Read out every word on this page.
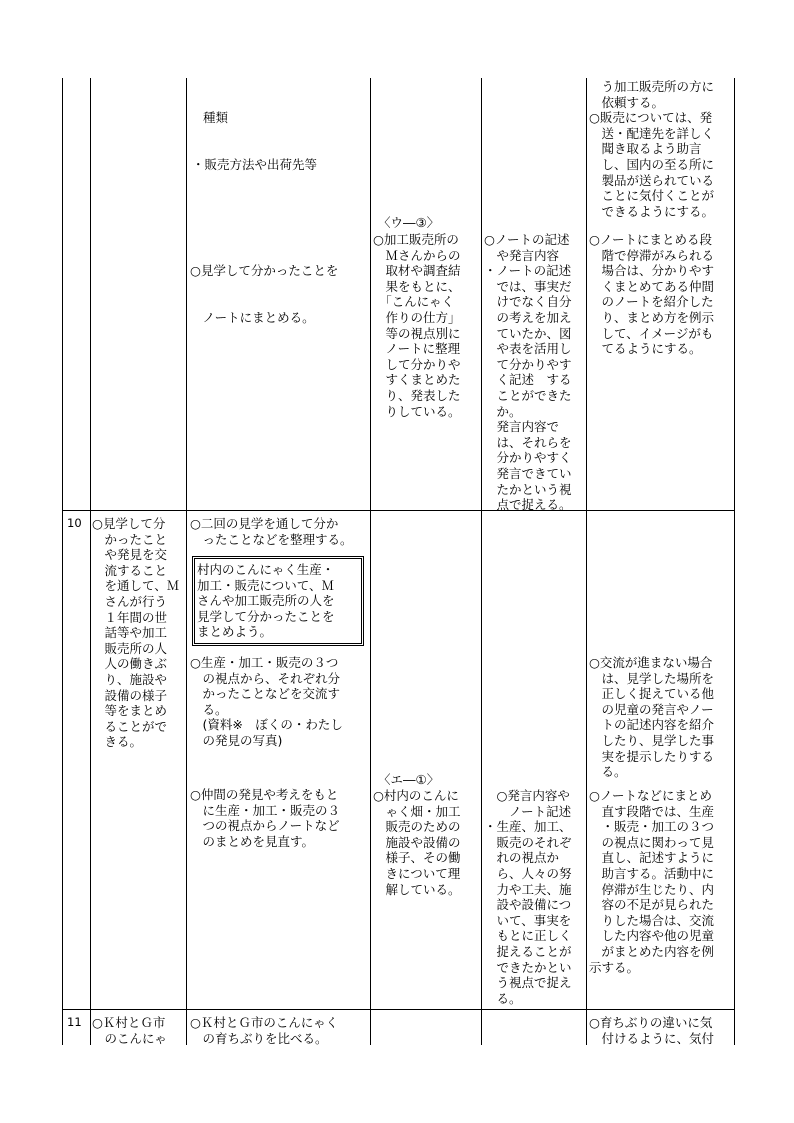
種類

・販売方法や出荷先等

○見学して分かったことを

　ノートにまとめる。

〈ウ―③〉
○加工販売所の
　Ｍさんからの
　取材や調査結
　果をもとに、
　「こんにゃく
　作りの仕方」
　等の視点別に
　ノートに整理
　して分かりや
　すくまとめた
　り、発表した
　りしている。
○ノートの記述
　や発言内容
・ノートの記述
　では、事実だ
　けでなく自分
　の考えを加え
　ていたか、図
　や表を活用し
　て分かりやす
　く記述　する
　ことができた
　か。
　発言内容で
　は、それらを
　分かりやすく
　発言できてい
　たかという視
　点で捉える。
　う加工販売所の方に
　依頼する。
○販売については、発
　送・配達先を詳しく
　聞き取るよう助言
　し、国内の至る所に
　製品が送られている
　ことに気付くことが
　できるようにする。
○ノートにまとめる段
　階で停滞がみられる
　場合は、分かりやす
　くまとめてある仲間
　のノートを紹介した
　り、まとめ方を例示
　して、イメージがも
　てるようにする。
10 ○見学して分
　かったこと
　や発見を交
　流すること
　を通して、Ｍ
　さんが行う
　１年間の世
　話等や加工
　販売所の人
　人の働きぶ
　り、施設や
　設備の様子
　等をまとめ
　ることがで
　きる。
○二回の見学を通して分か
　ったことなどを整理する。
村内のこんにゃく生産・
加工・販売について、Ｍ
さんや加工販売所の人を
見学して分かったことを
まとめよう。
○生産・加工・販売の３つ
　の視点から、それぞれ分
　かったことなどを交流す
　る。
　(資料※　ぼくの・わたし
　の発見の写真)
○仲間の発見や考えをもと
　に生産・加工・販売の３
　つの視点からノートなど
　のまとめを見直す。
〈エ―①〉
○村内のこんに
　ゃく畑・加工
　販売のための
　施設や設備の
　様子、その働
　きについて理
　解している。
　○発言内容や
　　ノート記述
・生産、加工、
　販売のそれぞ
　れの視点か
　ら、人々の努
　力や工夫、施
　設や設備につ
　いて、事実を
　もとに正しく
　捉えることが
　できたかとい
　う視点で捉え
　る。
○交流が進まない場合
　は、見学した場所を
　正しく捉えている他
　の児童の発言やノー
　トの記述内容を紹介
　したり、見学した事
　実を提示したりする
　る。
○ノートなどにまとめ
　直す段階では、生産
　・販売・加工の３つ
　の視点に関わって見
　直し、記述すように
　助言する。活動中に
　停滞が生じたり、内
　容の不足が見られた
　りした場合は、交流
　した内容や他の児童
　がまとめた内容を例
示する。
11 ○Ｋ村とＧ市
　のこんにゃ
○Ｋ村とＧ市のこんにゃく
　の育ちぶりを比べる。
○育ちぶりの違いに気
　付けるように、気付
